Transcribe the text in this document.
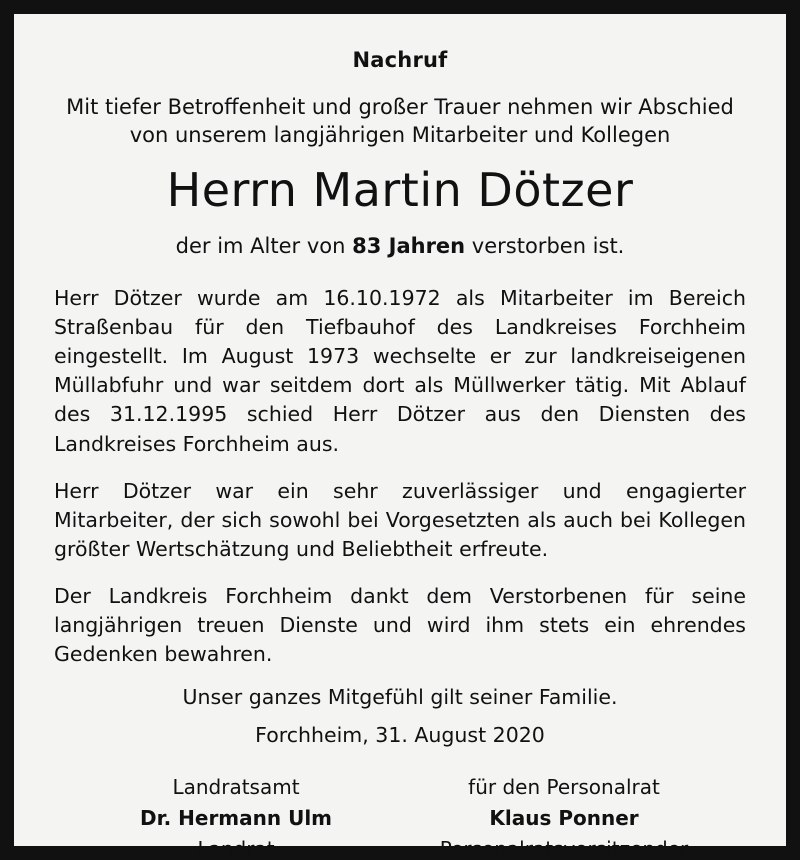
Nachruf
Mit tiefer Betroffenheit und großer Trauer nehmen wir Abschied
von unserem langjährigen Mitarbeiter und Kollegen
Herrn Martin Dötzer
der im Alter von 83 Jahren verstorben ist.

Herr Dötzer wurde am 16.10.1972 als Mitarbeiter im Bereich Straßenbau für den Tiefbauhof des Landkreises Forchheim eingestellt. Im August 1973 wechselte er zur landkreiseigenen Müllabfuhr und war seitdem dort als Müllwerker tätig. Mit Ablauf des 31.12.1995 schied Herr Dötzer aus den Diensten des Landkreises Forchheim aus.

Herr Dötzer war ein sehr zuverlässiger und engagierter Mitarbeiter, der sich sowohl bei Vorgesetzten als auch bei Kollegen größter Wertschätzung und Beliebtheit erfreute.

Der Landkreis Forchheim dankt dem Verstorbenen für seine langjährigen treuen Dienste und wird ihm stets ein ehrendes Gedenken bewahren.

Unser ganzes Mitgefühl gilt seiner Familie.
Forchheim, 31. August 2020
Landratsamt
Dr. Hermann Ulm
Landrat
für den Personalrat
Klaus Ponner
Personalratsvorsitzender
